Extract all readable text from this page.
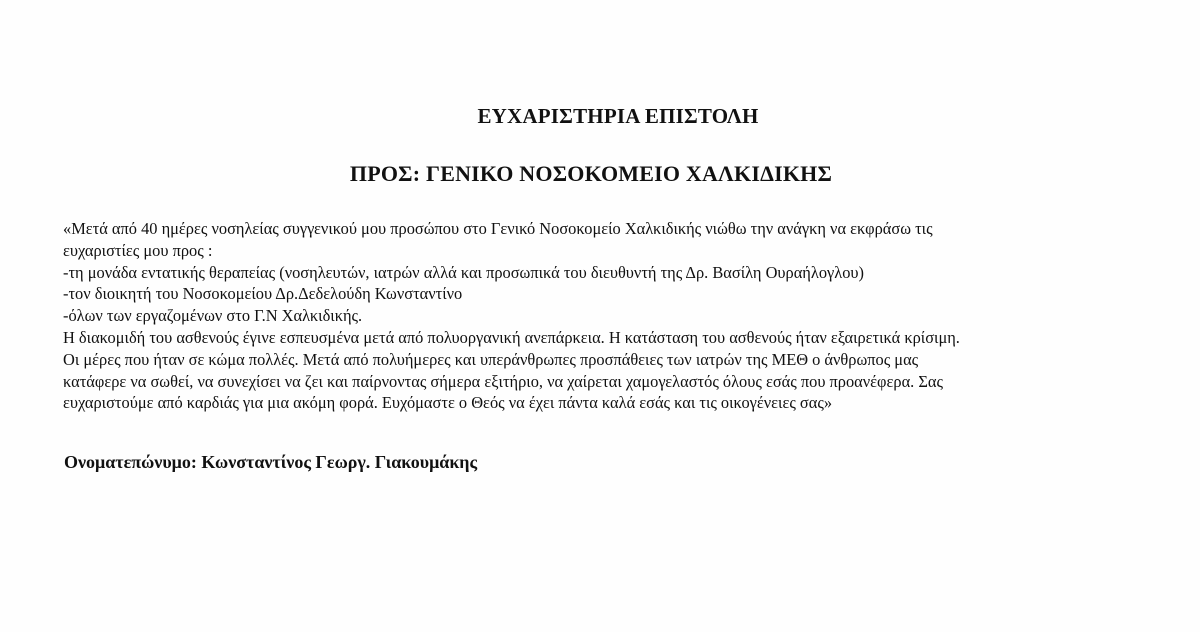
ΕΥΧΑΡΙΣΤΗΡΙΑ ΕΠΙΣΤΟΛΗ
ΠΡΟΣ: ΓΕΝΙΚΟ ΝΟΣΟΚΟΜΕΙΟ ΧΑΛΚΙΔΙΚΗΣ
«Μετά από 40 ημέρες νοσηλείας συγγενικού μου προσώπου στο Γενικό Νοσοκομείο Χαλκιδικής νιώθω την ανάγκη να εκφράσω τις
ευχαριστίες μου προς :
-τη μονάδα εντατικής θεραπείας (νοσηλευτών, ιατρών αλλά και προσωπικά του διευθυντή της Δρ. Βασίλη Ουραήλογλου)
-τον διοικητή του Νοσοκομείου Δρ.Δεδελούδη Κωνσταντίνο
-όλων των εργαζομένων στο Γ.Ν Χαλκιδικής.
Η διακομιδή του ασθενούς έγινε εσπευσμένα μετά από πολυοργανική ανεπάρκεια. Η κατάσταση του ασθενούς ήταν εξαιρετικά κρίσιμη.
Οι μέρες που ήταν σε κώμα πολλές. Μετά από πολυήμερες και υπεράνθρωπες προσπάθειες των ιατρών της ΜΕΘ ο άνθρωπος μας
κατάφερε να σωθεί, να συνεχίσει να ζει και παίρνοντας σήμερα εξιτήριο, να χαίρεται χαμογελαστός όλους εσάς που προανέφερα. Σας
ευχαριστούμε από καρδιάς για μια ακόμη φορά. Ευχόμαστε ο Θεός να έχει πάντα καλά εσάς και τις οικογένειες σας»
Ονοματεπώνυμο: Κωνσταντίνος Γεωργ. Γιακουμάκης
